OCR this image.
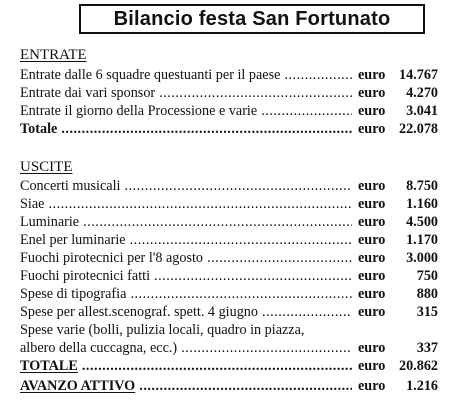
Bilancio festa San Fortunato
ENTRATE
Entrate dalle 6 squadre questuanti per il paese .....	euro 14.767
Entrate dai vari sponsor .....	euro 4.270
Entrate il giorno della Processione e varie .....	euro 3.041
Totale .....	euro 22.078
USCITE
Concerti musicali .....	euro 8.750
Siae .....	euro 1.160
Luminarie .....	euro 4.500
Enel per luminarie .....	euro 1.170
Fuochi pirotecnici per l'8 agosto .....	euro 3.000
Fuochi pirotecnici fatti .....	euro 750
Spese di tipografia .....	euro 880
Spese per allest.scenograf. spett. 4 giugno .....	euro 315
Spese varie (bolli, pulizia locali, quadro in piazza,
albero della cuccagna, ecc.) .....	euro 337
TOTALE .....	euro 20.862
AVANZO ATTIVO .....	euro 1.216
